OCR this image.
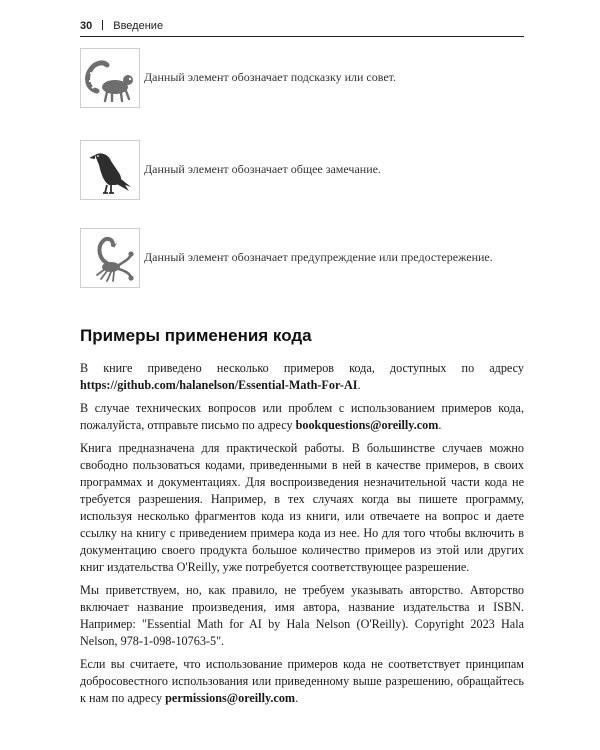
30 Введение
Данный элемент обозначает подсказку или совет.
Данный элемент обозначает общее замечание.
Данный элемент обозначает предупреждение или предостережение.
Примеры применения кода

В книге приведено несколько примеров кода, доступных по адресу https://github.com/halanelson/Essential-Math-For-AI.

В случае технических вопросов или проблем с использованием примеров кода, пожалуйста, отправьте письмо по адресу bookquestions@oreilly.com.

Книга предназначена для практической работы. В большинстве случаев можно свободно пользоваться кодами, приведенными в ней в качестве примеров, в своих программах и документациях. Для воспроизведения незначительной части кода не требуется разрешения. Например, в тех случаях когда вы пишете программу, используя несколько фрагментов кода из книги, или отвечаете на вопрос и даете ссылку на книгу с приведением примера кода из нее. Но для того чтобы включить в документацию своего продукта большое количество примеров из этой или других книг издательства O'Reilly, уже потребуется соответствующее разрешение.

Мы приветствуем, но, как правило, не требуем указывать авторство. Авторство включает название произведения, имя автора, название издательства и ISBN. Например: "Essential Math for AI by Hala Nelson (O'Reilly). Copyright 2023 Hala Nelson, 978-1-098-10763-5".

Если вы считаете, что использование примеров кода не соответствует принципам добросовестного использования или приведенному выше разрешению, обращайтесь к нам по адресу permissions@oreilly.com.
